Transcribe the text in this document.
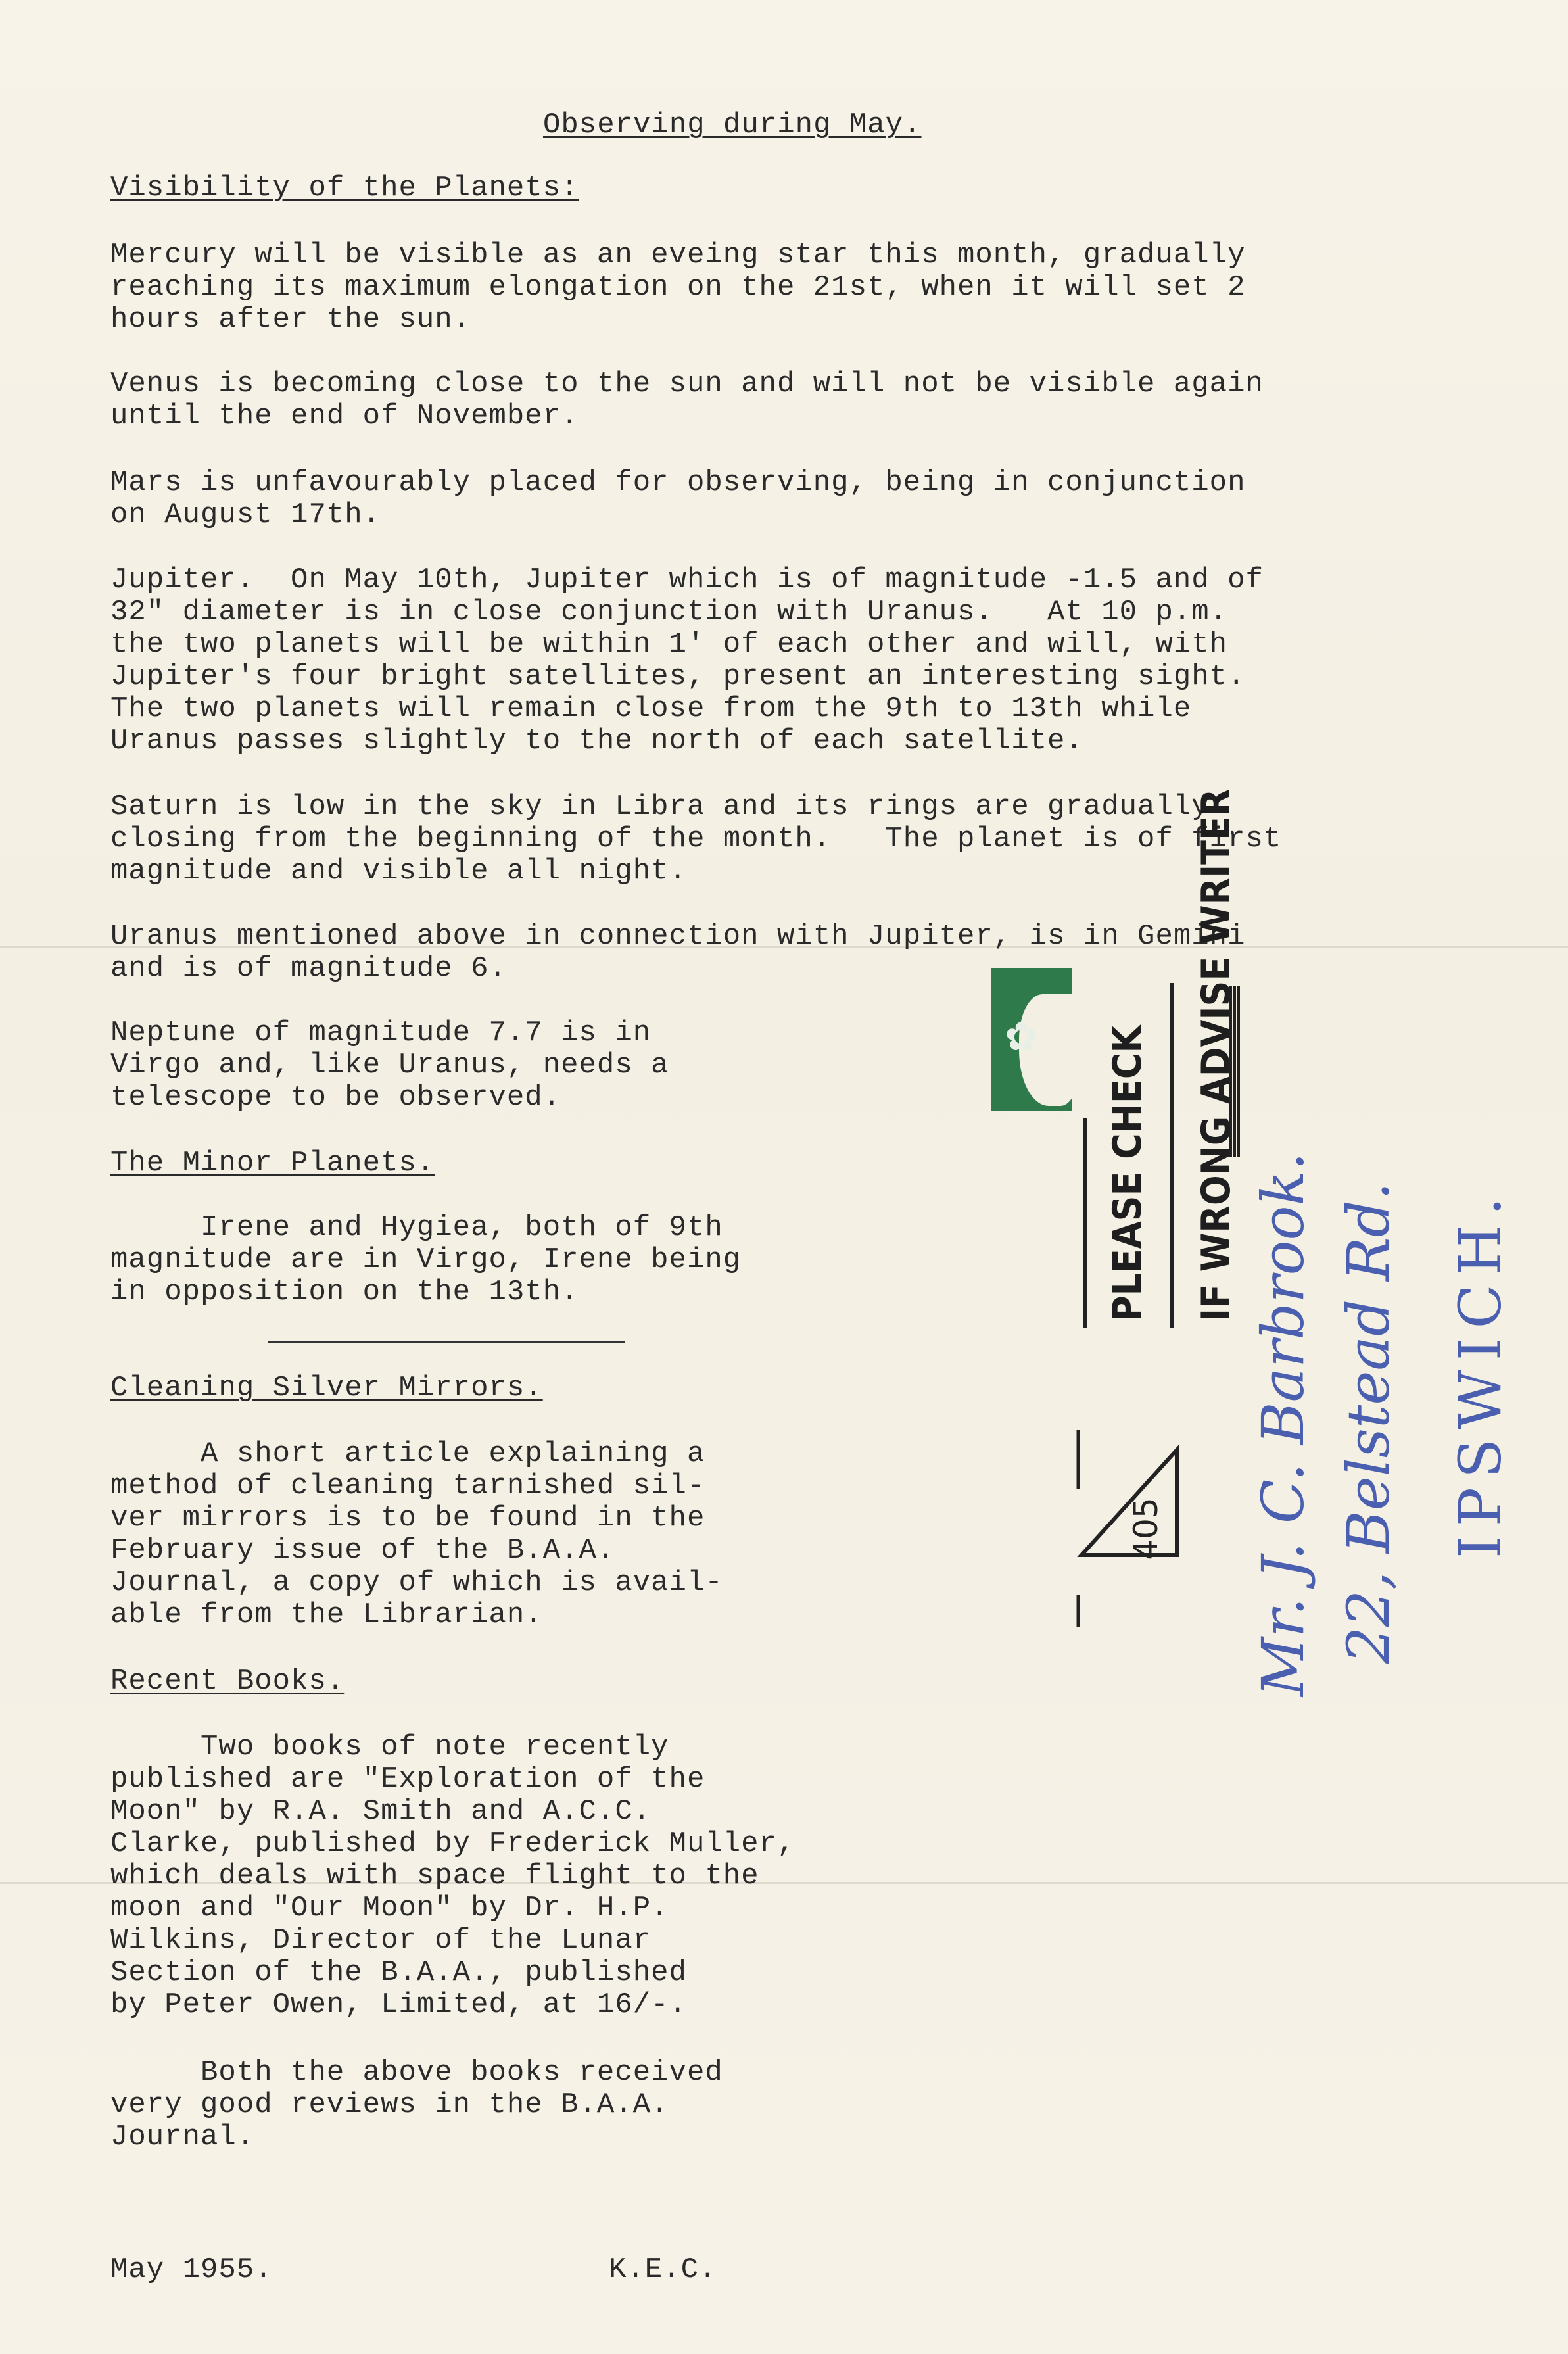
Observing during May.
Visibility of the Planets:
Mercury will be visible as an eveing star this month, gradually
reaching its maximum elongation on the 21st, when it will set 2
hours after the sun.
Venus is becoming close to the sun and will not be visible again
until the end of November.
Mars is unfavourably placed for observing, being in conjunction
on August 17th.
Jupiter.  On May 10th, Jupiter which is of magnitude -1.5 and of
32" diameter is in close conjunction with Uranus.   At 10 p.m.
the two planets will be within 1' of each other and will, with
Jupiter's four bright satellites, present an interesting sight.
The two planets will remain close from the 9th to 13th while
Uranus passes slightly to the north of each satellite.
Saturn is low in the sky in Libra and its rings are gradually
closing from the beginning of the month.   The planet is of first
magnitude and visible all night.
Uranus mentioned above in connection with Jupiter, is in Gemini
and is of magnitude 6.
Neptune of magnitude 7.7 is in
Virgo and, like Uranus, needs a
telescope to be observed.
The Minor Planets.
Irene and Hygiea, both of 9th
magnitude are in Virgo, Irene being
in opposition on the 13th.
Cleaning Silver Mirrors.
A short article explaining a
method of cleaning tarnished sil-
ver mirrors is to be found in the
February issue of the B.A.A.
Journal, a copy of which is avail-
able from the Librarian.
Recent Books.
Two books of note recently
published are "Exploration of the
Moon" by R.A. Smith and A.C.C.
Clarke, published by Frederick Muller,
which deals with space flight to the
moon and "Our Moon" by Dr. H.P.
Wilkins, Director of the Lunar
Section of the B.A.A., published
by Peter Owen, Limited, at 16/-.
Both the above books received
very good reviews in the B.A.A.
Journal.
May 1955.	K.E.C.
✿ PLEASE CHECK IF WRONG ADVISE WRITER
405 Mr. J. C. Barbrook. 22, Belstead Rd. IPSWICH.
